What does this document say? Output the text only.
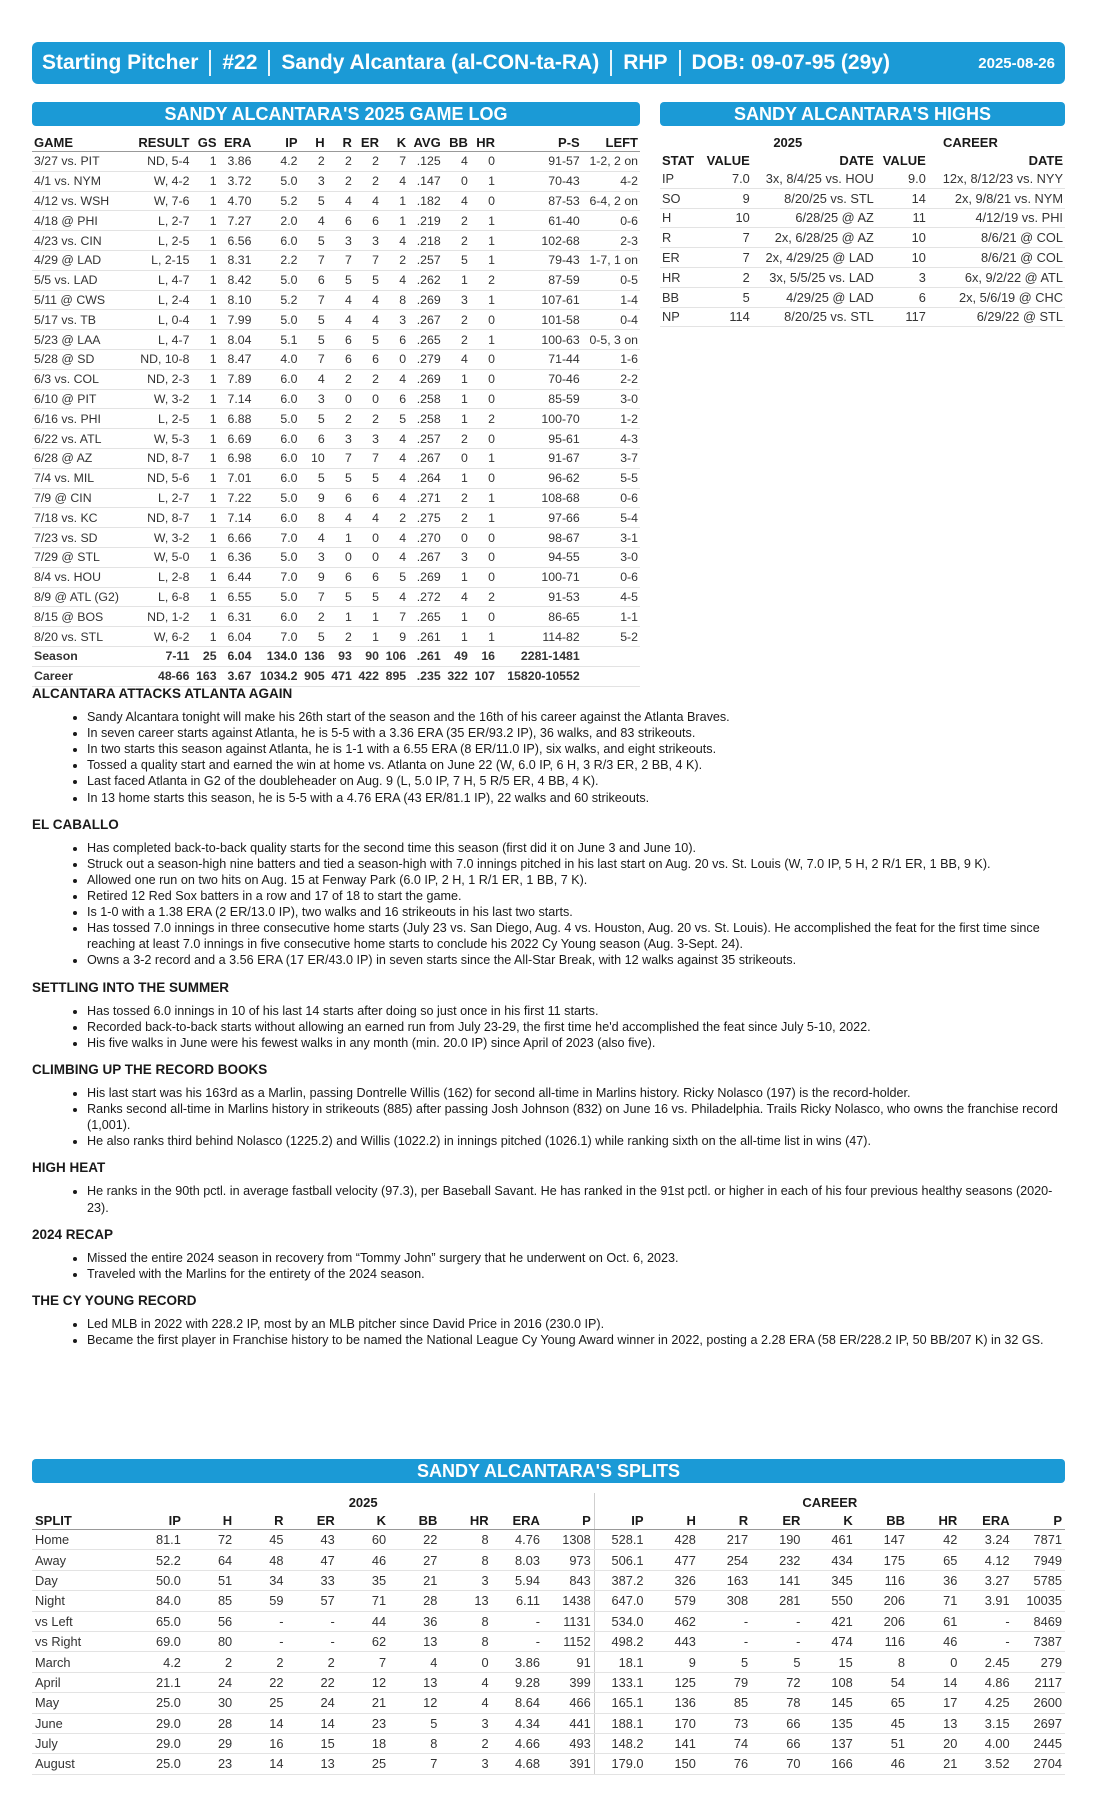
Starting Pitcher #22 Sandy Alcantara (al-CON-ta-RA) RHP DOB: 09-07-95 (29y)	2025-08-26
SANDY ALCANTARA'S 2025 GAME LOG
GAME	RESULT	GS	ERA	IP	H	R	ER	K	AVG	BB	HR	P-S	LEFT
3/27 vs. PIT	ND, 5-4	1	3.86	4.2	2	2	2	7	.125	4	0	91-57	1-2, 2 on
4/1 vs. NYM	W, 4-2	1	3.72	5.0	3	2	2	4	.147	0	1	70-43	4-2
4/12 vs. WSH	W, 7-6	1	4.70	5.2	5	4	4	1	.182	4	0	87-53	6-4, 2 on
4/18 @ PHI	L, 2-7	1	7.27	2.0	4	6	6	1	.219	2	1	61-40	0-6
4/23 vs. CIN	L, 2-5	1	6.56	6.0	5	3	3	4	.218	2	1	102-68	2-3
4/29 @ LAD	L, 2-15	1	8.31	2.2	7	7	7	2	.257	5	1	79-43	1-7, 1 on
5/5 vs. LAD	L, 4-7	1	8.42	5.0	6	5	5	4	.262	1	2	87-59	0-5
5/11 @ CWS	L, 2-4	1	8.10	5.2	7	4	4	8	.269	3	1	107-61	1-4
5/17 vs. TB	L, 0-4	1	7.99	5.0	5	4	4	3	.267	2	0	101-58	0-4
5/23 @ LAA	L, 4-7	1	8.04	5.1	5	6	5	6	.265	2	1	100-63	0-5, 3 on
5/28 @ SD	ND, 10-8	1	8.47	4.0	7	6	6	0	.279	4	0	71-44	1-6
6/3 vs. COL	ND, 2-3	1	7.89	6.0	4	2	2	4	.269	1	0	70-46	2-2
6/10 @ PIT	W, 3-2	1	7.14	6.0	3	0	0	6	.258	1	0	85-59	3-0
6/16 vs. PHI	L, 2-5	1	6.88	5.0	5	2	2	5	.258	1	2	100-70	1-2
6/22 vs. ATL	W, 5-3	1	6.69	6.0	6	3	3	4	.257	2	0	95-61	4-3
6/28 @ AZ	ND, 8-7	1	6.98	6.0	10	7	7	4	.267	0	1	91-67	3-7
7/4 vs. MIL	ND, 5-6	1	7.01	6.0	5	5	5	4	.264	1	0	96-62	5-5
7/9 @ CIN	L, 2-7	1	7.22	5.0	9	6	6	4	.271	2	1	108-68	0-6
7/18 vs. KC	ND, 8-7	1	7.14	6.0	8	4	4	2	.275	2	1	97-66	5-4
7/23 vs. SD	W, 3-2	1	6.66	7.0	4	1	0	4	.270	0	0	98-67	3-1
7/29 @ STL	W, 5-0	1	6.36	5.0	3	0	0	4	.267	3	0	94-55	3-0
8/4 vs. HOU	L, 2-8	1	6.44	7.0	9	6	6	5	.269	1	0	100-71	0-6
8/9 @ ATL (G2)	L, 6-8	1	6.55	5.0	7	5	5	4	.272	4	2	91-53	4-5
8/15 @ BOS	ND, 1-2	1	6.31	6.0	2	1	1	7	.265	1	0	86-65	1-1
8/20 vs. STL	W, 6-2	1	6.04	7.0	5	2	1	9	.261	1	1	114-82	5-2
Season	7-11	25	6.04	134.0	136	93	90	106	.261	49	16	2281-1481	
Career	48-66	163	3.67	1034.2	905	471	422	895	.235	322	107	15820-10552	
SANDY ALCANTARA'S HIGHS
	2025		CAREER	
STAT	VALUE	DATE	VALUE	DATE
IP	7.0	3x, 8/4/25 vs. HOU	9.0	12x, 8/12/23 vs. NYY
SO	9	8/20/25 vs. STL	14	2x, 9/8/21 vs. NYM
H	10	6/28/25 @ AZ	11	4/12/19 vs. PHI
R	7	2x, 6/28/25 @ AZ	10	8/6/21 @ COL
ER	7	2x, 4/29/25 @ LAD	10	8/6/21 @ COL
HR	2	3x, 5/5/25 vs. LAD	3	6x, 9/2/22 @ ATL
BB	5	4/29/25 @ LAD	6	2x, 5/6/19 @ CHC
NP	114	8/20/25 vs. STL	117	6/29/22 @ STL
ALCANTARA ATTACKS ATLANTA AGAIN
• Sandy Alcantara tonight will make his 26th start of the season and the 16th of his career against the Atlanta Braves.
• In seven career starts against Atlanta, he is 5-5 with a 3.36 ERA (35 ER/93.2 IP), 36 walks, and 83 strikeouts.
• In two starts this season against Atlanta, he is 1-1 with a 6.55 ERA (8 ER/11.0 IP), six walks, and eight strikeouts.
• Tossed a quality start and earned the win at home vs. Atlanta on June 22 (W, 6.0 IP, 6 H, 3 R/3 ER, 2 BB, 4 K).
• Last faced Atlanta in G2 of the doubleheader on Aug. 9 (L, 5.0 IP, 7 H, 5 R/5 ER, 4 BB, 4 K).
• In 13 home starts this season, he is 5-5 with a 4.76 ERA (43 ER/81.1 IP), 22 walks and 60 strikeouts.
EL CABALLO
• Has completed back-to-back quality starts for the second time this season (first did it on June 3 and June 10).
• Struck out a season-high nine batters and tied a season-high with 7.0 innings pitched in his last start on Aug. 20 vs. St. Louis (W, 7.0 IP, 5 H, 2 R/1 ER, 1 BB, 9 K).
• Allowed one run on two hits on Aug. 15 at Fenway Park (6.0 IP, 2 H, 1 R/1 ER, 1 BB, 7 K).
• Retired 12 Red Sox batters in a row and 17 of 18 to start the game.
• Is 1-0 with a 1.38 ERA (2 ER/13.0 IP), two walks and 16 strikeouts in his last two starts.
• Has tossed 7.0 innings in three consecutive home starts (July 23 vs. San Diego, Aug. 4 vs. Houston, Aug. 20 vs. St. Louis). He accomplished the feat for the first time since reaching at least 7.0 innings in five consecutive home starts to conclude his 2022 Cy Young season (Aug. 3-Sept. 24).
• Owns a 3-2 record and a 3.56 ERA (17 ER/43.0 IP) in seven starts since the All-Star Break, with 12 walks against 35 strikeouts.
SETTLING INTO THE SUMMER
• Has tossed 6.0 innings in 10 of his last 14 starts after doing so just once in his first 11 starts.
• Recorded back-to-back starts without allowing an earned run from July 23-29, the first time he'd accomplished the feat since July 5-10, 2022.
• His five walks in June were his fewest walks in any month (min. 20.0 IP) since April of 2023 (also five).
CLIMBING UP THE RECORD BOOKS
• His last start was his 163rd as a Marlin, passing Dontrelle Willis (162) for second all-time in Marlins history. Ricky Nolasco (197) is the record-holder.
• Ranks second all-time in Marlins history in strikeouts (885) after passing Josh Johnson (832) on June 16 vs. Philadelphia. Trails Ricky Nolasco, who owns the franchise record (1,001).
• He also ranks third behind Nolasco (1225.2) and Willis (1022.2) in innings pitched (1026.1) while ranking sixth on the all-time list in wins (47).
HIGH HEAT
• He ranks in the 90th pctl. in average fastball velocity (97.3), per Baseball Savant. He has ranked in the 91st pctl. or higher in each of his four previous healthy seasons (2020-23).
2024 RECAP
• Missed the entire 2024 season in recovery from “Tommy John” surgery that he underwent on Oct. 6, 2023.
• Traveled with the Marlins for the entirety of the 2024 season.
THE CY YOUNG RECORD
• Led MLB in 2022 with 228.2 IP, most by an MLB pitcher since David Price in 2016 (230.0 IP).
• Became the first player in Franchise history to be named the National League Cy Young Award winner in 2022, posting a 2.28 ERA (58 ER/228.2 IP, 50 BB/207 K) in 32 GS.
SANDY ALCANTARA'S SPLITS
	2025									CAREER								
SPLIT	IP	H	R	ER	K	BB	HR	ERA	P	IP	H	R	ER	K	BB	HR	ERA	P
Home	81.1	72	45	43	60	22	8	4.76	1308	528.1	428	217	190	461	147	42	3.24	7871
Away	52.2	64	48	47	46	27	8	8.03	973	506.1	477	254	232	434	175	65	4.12	7949
Day	50.0	51	34	33	35	21	3	5.94	843	387.2	326	163	141	345	116	36	3.27	5785
Night	84.0	85	59	57	71	28	13	6.11	1438	647.0	579	308	281	550	206	71	3.91	10035
vs Left	65.0	56	-	-	44	36	8	-	1131	534.0	462	-	-	421	206	61	-	8469
vs Right	69.0	80	-	-	62	13	8	-	1152	498.2	443	-	-	474	116	46	-	7387
March	4.2	2	2	2	7	4	0	3.86	91	18.1	9	5	5	15	8	0	2.45	279
April	21.1	24	22	22	12	13	4	9.28	399	133.1	125	79	72	108	54	14	4.86	2117
May	25.0	30	25	24	21	12	4	8.64	466	165.1	136	85	78	145	65	17	4.25	2600
June	29.0	28	14	14	23	5	3	4.34	441	188.1	170	73	66	135	45	13	3.15	2697
July	29.0	29	16	15	18	8	2	4.66	493	148.2	141	74	66	137	51	20	4.00	2445
August	25.0	23	14	13	25	7	3	4.68	391	179.0	150	76	70	166	46	21	3.52	2704
